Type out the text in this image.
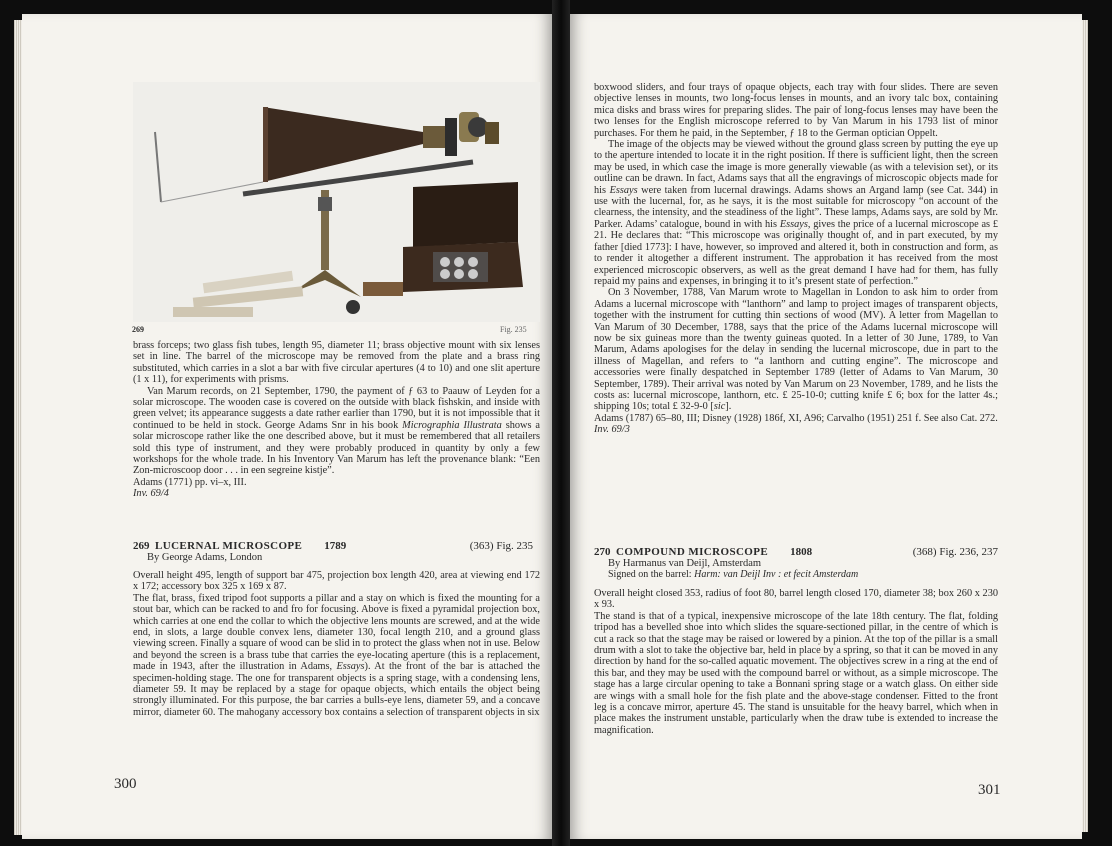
269	Fig. 235

brass forceps; two glass fish tubes, length 95, diameter 11; brass objective mount with six lenses set in line. The barrel of the microscope may be removed from the plate and a brass ring substituted, which carries in a slot a bar with five circular apertures (4 to 10) and one slit aperture (1 x 11), for experiments with prisms.

Van Marum records, on 21 September, 1790, the payment of ƒ 63 to Paauw of Leyden for a solar microscope. The wooden case is covered on the outside with black fishskin, and inside with green velvet; its appearance suggests a date rather earlier than 1790, but it is not impossible that it continued to be held in stock. George Adams Snr in his book Micrographia Illustrata shows a solar microscope rather like the one described above, but it must be remembered that all retailers sold this type of instrument, and they were probably produced in quantity by only a few workshops for the whole trade. In his Inventory Van Marum has left the provenance blank: “Een Zon-microscoop door . . . in een segreine kistje”.

Adams (1771) pp. vi–x, III.

Inv. 69/4

269 LUCERNAL MICROSCOPE 1789	(363) Fig. 235
By George Adams, London

Overall height 495, length of support bar 475, projection box length 420, area at viewing end 172 x 172; accessory box 325 x 169 x 87.

The flat, brass, fixed tripod foot supports a pillar and a stay on which is fixed the mounting for a stout bar, which can be racked to and fro for focusing. Above is fixed a pyramidal projection box, which carries at one end the collar to which the objective lens mounts are screwed, and at the wide end, in slots, a large double convex lens, diameter 130, focal length 210, and a ground glass viewing screen. Finally a square of wood can be slid in to protect the glass when not in use. Below and beyond the screen is a brass tube that carries the eye-locating aperture (this is a replacement, made in 1943, after the illustration in Adams, Essays). At the front of the bar is attached the specimen-holding stage. The one for transparent objects is a spring stage, with a condensing lens, diameter 59. It may be replaced by a stage for opaque objects, which entails the object being strongly illuminated. For this purpose, the bar carries a bulls-eye lens, diameter 59, and a concave mirror, diameter 60. The mahogany accessory box contains a selection of transparent objects in six

300

boxwood sliders, and four trays of opaque objects, each tray with four slides. There are seven objective lenses in mounts, two long-focus lenses in mounts, and an ivory talc box, containing mica disks and brass wires for preparing slides. The pair of long-focus lenses may have been the two lenses for the English microscope referred to by Van Marum in his 1793 list of minor purchases. For them he paid, in the September, ƒ 18 to the German optician Oppelt.

The image of the objects may be viewed without the ground glass screen by putting the eye up to the aperture intended to locate it in the right position. If there is sufficient light, then the screen may be used, in which case the image is more generally viewable (as with a television set), or its outline can be drawn. In fact, Adams says that all the engravings of microscopic objects made for his Essays were taken from lucernal drawings. Adams shows an Argand lamp (see Cat. 344) in use with the lucernal, for, as he says, it is the most suitable for microscopy “on account of the clearness, the intensity, and the steadiness of the light”. These lamps, Adams says, are sold by Mr. Parker. Adams’ catalogue, bound in with his Essays, gives the price of a lucernal microscope as £ 21. He declares that: “This microscope was originally thought of, and in part executed, by my father [died 1773]: I have, however, so improved and altered it, both in construction and form, as to render it altogether a different instrument. The approbation it has received from the most experienced microscopic observers, as well as the great demand I have had for them, has fully repaid my pains and expenses, in bringing it to it’s present state of perfection.”

On 3 November, 1788, Van Marum wrote to Magellan in London to ask him to order from Adams a lucernal microscope with “lanthorn” and lamp to project images of transparent objects, together with the instrument for cutting thin sections of wood (MV). A letter from Magellan to Van Marum of 30 December, 1788, says that the price of the Adams lucernal microscope will now be six guineas more than the twenty guineas quoted. In a letter of 30 June, 1789, to Van Marum, Adams apologises for the delay in sending the lucernal microscope, due in part to the illness of Magellan, and refers to “a lanthorn and cutting engine”. The microscope and accessories were finally despatched in September 1789 (letter of Adams to Van Marum, 30 September, 1789). Their arrival was noted by Van Marum on 23 November, 1789, and he lists the costs as: lucernal microscope, lanthorn, etc. £ 25-10-0; cutting knife £ 6; box for the latter 4s.; shipping 10s; total £ 32-9-0 [sic].

Adams (1787) 65–80, III; Disney (1928) 186f, XI, A96; Carvalho (1951) 251 f. See also Cat. 272.

Inv. 69/3

270 COMPOUND MICROSCOPE 1808	(368) Fig. 236, 237
By Harmanus van Deijl, Amsterdam
Signed on the barrel: Harm: van Deijl Inv : et fecit Amsterdam

Overall height closed 353, radius of foot 80, barrel length closed 170, diameter 38; box 260 x 230 x 93.

The stand is that of a typical, inexpensive microscope of the late 18th century. The flat, folding tripod has a bevelled shoe into which slides the square-sectioned pillar, in the centre of which is cut a rack so that the stage may be raised or lowered by a pinion. At the top of the pillar is a small drum with a slot to take the objective bar, held in place by a spring, so that it can be moved in any direction by hand for the so-called aquatic movement. The objectives screw in a ring at the end of this bar, and they may be used with the compound barrel or without, as a simple microscope. The stage has a large circular opening to take a Bonnani spring stage or a watch glass. On either side are wings with a small hole for the fish plate and the above-stage condenser. Fitted to the front leg is a concave mirror, aperture 45. The stand is unsuitable for the heavy barrel, which when in place makes the instrument unstable, particularly when the draw tube is extended to increase the magnification.

301
